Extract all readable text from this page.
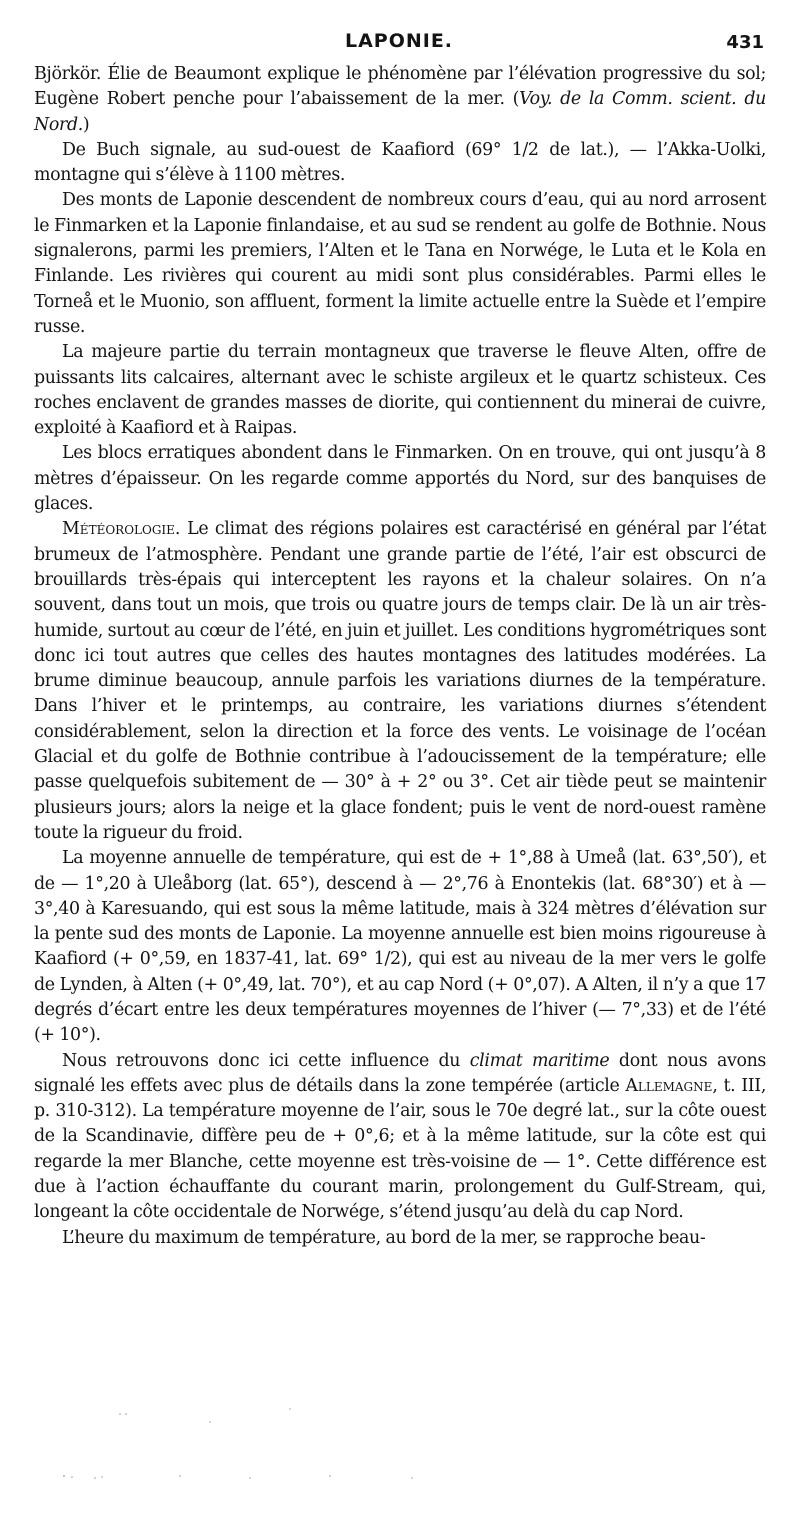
LAPONIE.	431

Björkör. Élie de Beaumont explique le phénomène par l’élévation progressive du sol; Eugène Robert penche pour l’abaissement de la mer. (Voy. de la Comm. scient. du Nord.)

De Buch signale, au sud-ouest de Kaafiord (69° 1/2 de lat.), — l’Akka-Uolki, montagne qui s’élève à 1100 mètres.

Des monts de Laponie descendent de nombreux cours d’eau, qui au nord arrosent le Finmarken et la Laponie finlandaise, et au sud se rendent au golfe de Bothnie. Nous signalerons, parmi les premiers, l’Alten et le Tana en Norwége, le Luta et le Kola en Finlande. Les rivières qui courent au midi sont plus considérables. Parmi elles le Torneå et le Muonio, son affluent, forment la limite actuelle entre la Suède et l’empire russe.

La majeure partie du terrain montagneux que traverse le fleuve Alten, offre de puissants lits calcaires, alternant avec le schiste argileux et le quartz schisteux. Ces roches enclavent de grandes masses de diorite, qui contiennent du minerai de cuivre, exploité à Kaafiord et à Raipas.

Les blocs erratiques abondent dans le Finmarken. On en trouve, qui ont jusqu’à 8 mètres d’épaisseur. On les regarde comme apportés du Nord, sur des banquises de glaces.

Météorologie. Le climat des régions polaires est caractérisé en général par l’état brumeux de l’atmosphère. Pendant une grande partie de l’été, l’air est obscurci de brouillards très-épais qui interceptent les rayons et la chaleur solaires. On n’a souvent, dans tout un mois, que trois ou quatre jours de temps clair. De là un air très-humide, surtout au cœur de l’été, en juin et juillet. Les conditions hygrométriques sont donc ici tout autres que celles des hautes montagnes des latitudes modérées. La brume diminue beaucoup, annule parfois les variations diurnes de la température. Dans l’hiver et le printemps, au contraire, les variations diurnes s’étendent considérablement, selon la direction et la force des vents. Le voisinage de l’océan Glacial et du golfe de Bothnie contribue à l’adoucissement de la température; elle passe quelquefois subitement de — 30° à + 2° ou 3°. Cet air tiède peut se maintenir plusieurs jours; alors la neige et la glace fondent; puis le vent de nord-ouest ramène toute la rigueur du froid.

La moyenne annuelle de température, qui est de + 1°,88 à Umeå (lat. 63°,50′), et de — 1°,20 à Uleåborg (lat. 65°), descend à — 2°,76 à Enontekis (lat. 68°30′) et à — 3°,40 à Karesuando, qui est sous la même latitude, mais à 324 mètres d’élévation sur la pente sud des monts de Laponie. La moyenne annuelle est bien moins rigoureuse à Kaafiord (+ 0°,59, en 1837-41, lat. 69° 1/2), qui est au niveau de la mer vers le golfe de Lynden, à Alten (+ 0°,49, lat. 70°), et au cap Nord (+ 0°,07). A Alten, il n’y a que 17 degrés d’écart entre les deux températures moyennes de l’hiver (— 7°,33) et de l’été (+ 10°).

Nous retrouvons donc ici cette influence du climat maritime dont nous avons signalé les effets avec plus de détails dans la zone tempérée (article Allemagne, t. III, p. 310-312). La température moyenne de l’air, sous le 70e degré lat., sur la côte ouest de la Scandinavie, diffère peu de + 0°,6; et à la même latitude, sur la côte est qui regarde la mer Blanche, cette moyenne est très-voisine de — 1°. Cette différence est due à l’action échauffante du courant marin, prolongement du Gulf-Stream, qui, longeant la côte occidentale de Norwége, s’étend jusqu’au delà du cap Nord.

L’heure du maximum de température, au bord de la mer, se rapproche beau-
